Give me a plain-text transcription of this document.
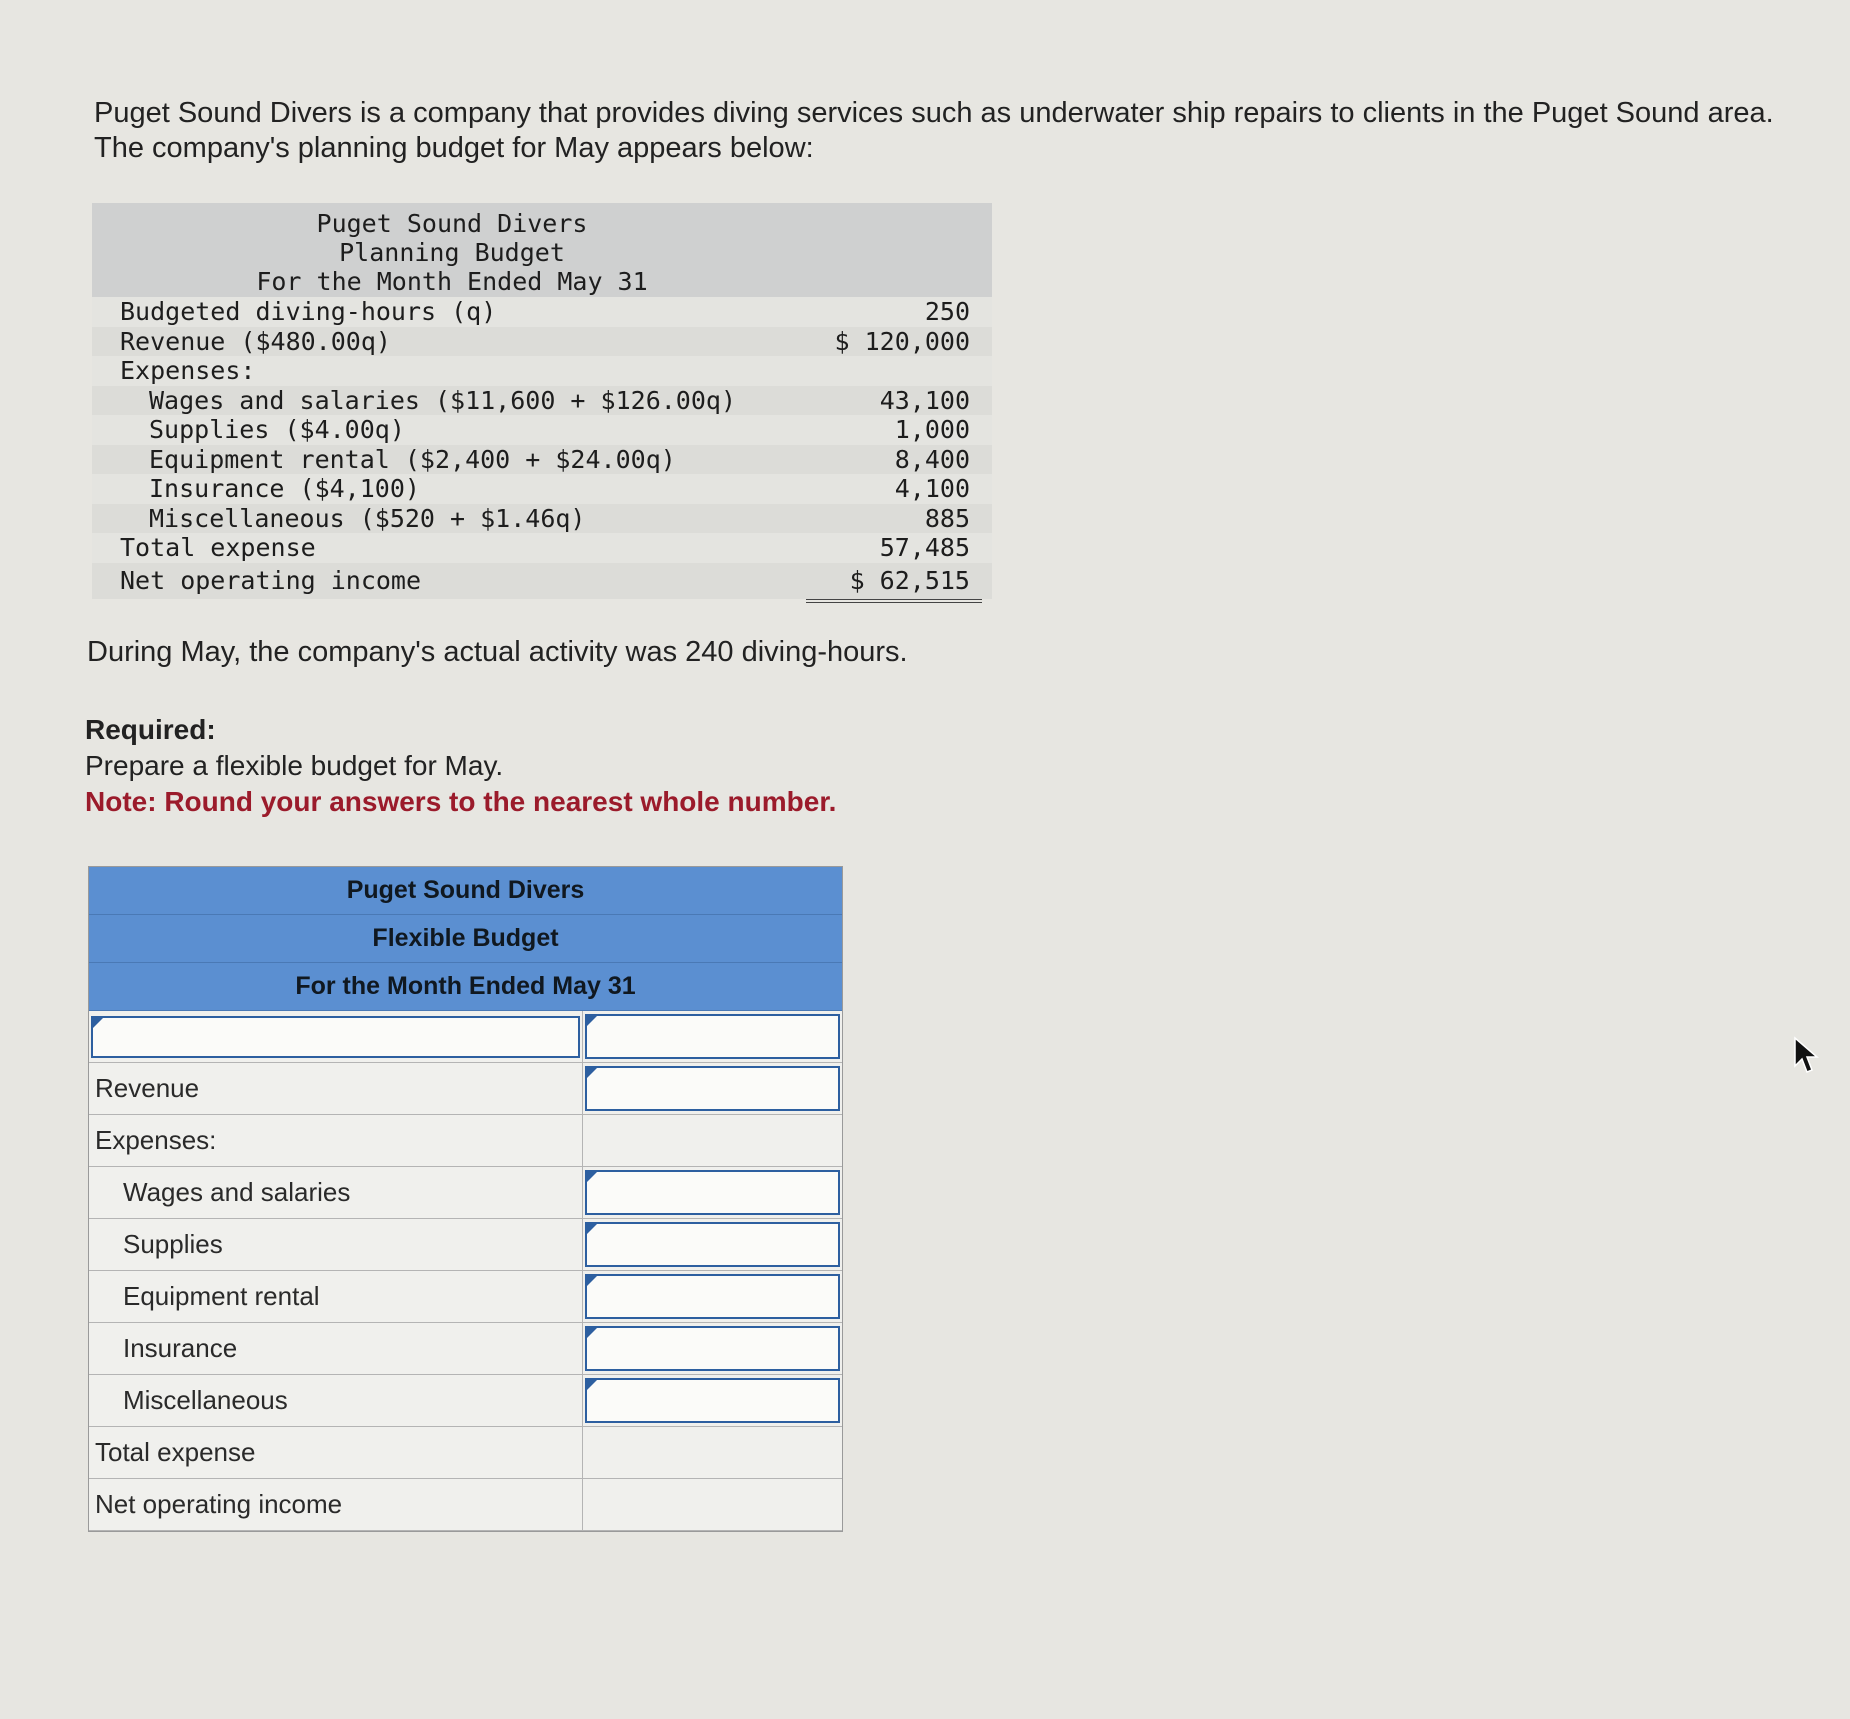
Puget Sound Divers is a company that provides diving services such as underwater ship repairs to clients in the Puget Sound area.

The company's planning budget for May appears below:

Puget Sound Divers
Planning Budget
For the Month Ended May 31
Budgeted diving-hours (q)	250
Revenue ($480.00q)	$ 120,000
Expenses:
Wages and salaries ($11,600 + $126.00q)	43,100
Supplies ($4.00q)	1,000
Equipment rental ($2,400 + $24.00q)	8,400
Insurance ($4,100)	4,100
Miscellaneous ($520 + $1.46q)	885
Total expense	57,485
Net operating income	$ 62,515
During May, the company's actual activity was 240 diving-hours.
Required:
Prepare a flexible budget for May.
Note: Round your answers to the nearest whole number.
Puget Sound Divers
Flexible Budget
For the Month Ended May 31
Revenue
Expenses:
Wages and salaries
Supplies
Equipment rental
Insurance
Miscellaneous
Total expense
Net operating income
